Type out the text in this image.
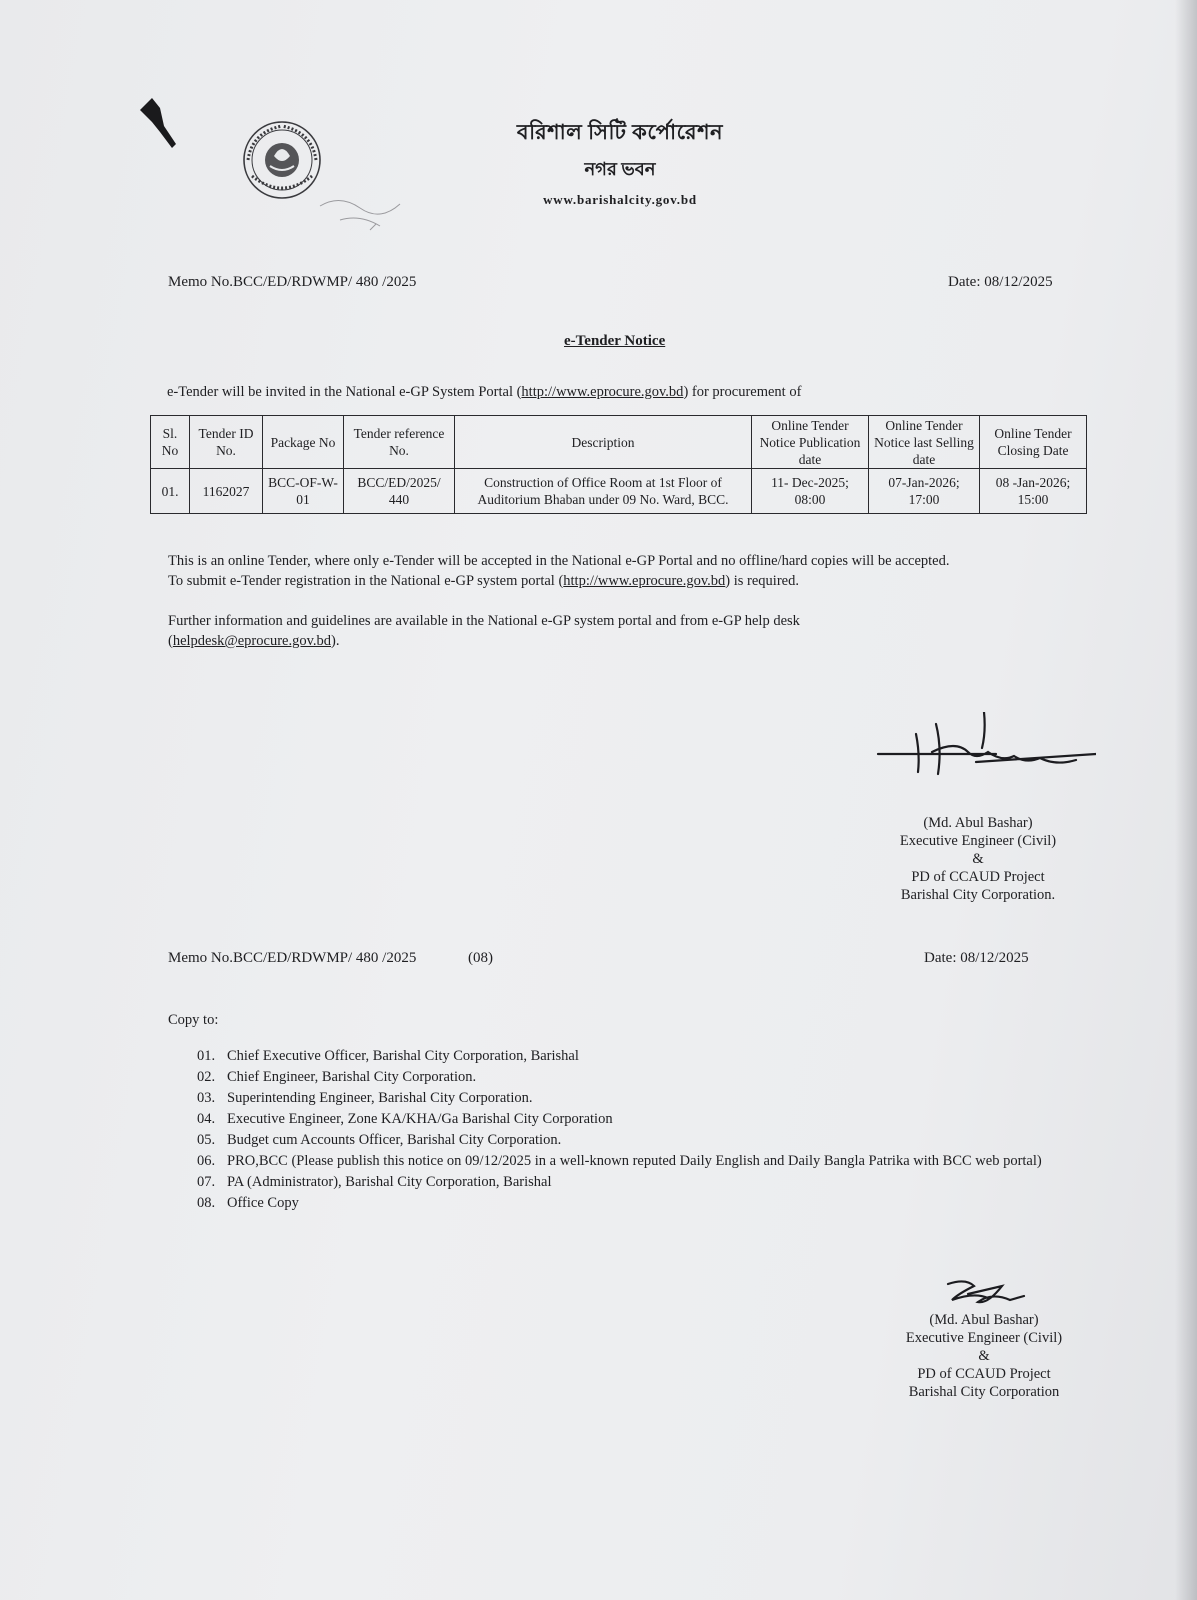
বরিশাল সিটি কর্পোরেশন
নগর ভবন
www.barishalcity.gov.bd
Memo No.BCC/ED/RDWMP/ 480 /2025	Date: 08/12/2025
e-Tender Notice
e-Tender will be invited in the National e-GP System Portal (http://www.eprocure.gov.bd) for procurement of
Sl. No	Tender ID No.	Package No	Tender reference No.	Description	Online Tender Notice Publication date	Online Tender Notice last Selling date	Online Tender Closing Date
01.	1162027	BCC-OF-W-01	BCC/ED/2025/ 440	Construction of Office Room at 1st Floor of Auditorium Bhaban under 09 No. Ward, BCC.	11- Dec-2025; 08:00	07-Jan-2026; 17:00	08 -Jan-2026; 15:00
This is an online Tender, where only e-Tender will be accepted in the National e-GP Portal and no offline/hard copies will be accepted.
To submit e-Tender registration in the National e-GP system portal (http://www.eprocure.gov.bd) is required.
Further information and guidelines are available in the National e-GP system portal and from e-GP help desk
(helpdesk@eprocure.gov.bd).
(Md. Abul Bashar)
Executive Engineer (Civil)
&
PD of CCAUD Project
Barishal City Corporation.
Memo No.BCC/ED/RDWMP/ 480 /2025	(08)	Date: 08/12/2025
Copy to:
01. Chief Executive Officer, Barishal City Corporation, Barishal
02. Chief Engineer, Barishal City Corporation.
03. Superintending Engineer, Barishal City Corporation.
04. Executive Engineer, Zone KA/KHA/Ga Barishal City Corporation
05. Budget cum Accounts Officer, Barishal City Corporation.
06. PRO,BCC (Please publish this notice on 09/12/2025 in a well-known reputed Daily English and Daily Bangla Patrika with BCC web portal)
07. PA (Administrator), Barishal City Corporation, Barishal
08. Office Copy
(Md. Abul Bashar)
Executive Engineer (Civil)
&
PD of CCAUD Project
Barishal City Corporation
